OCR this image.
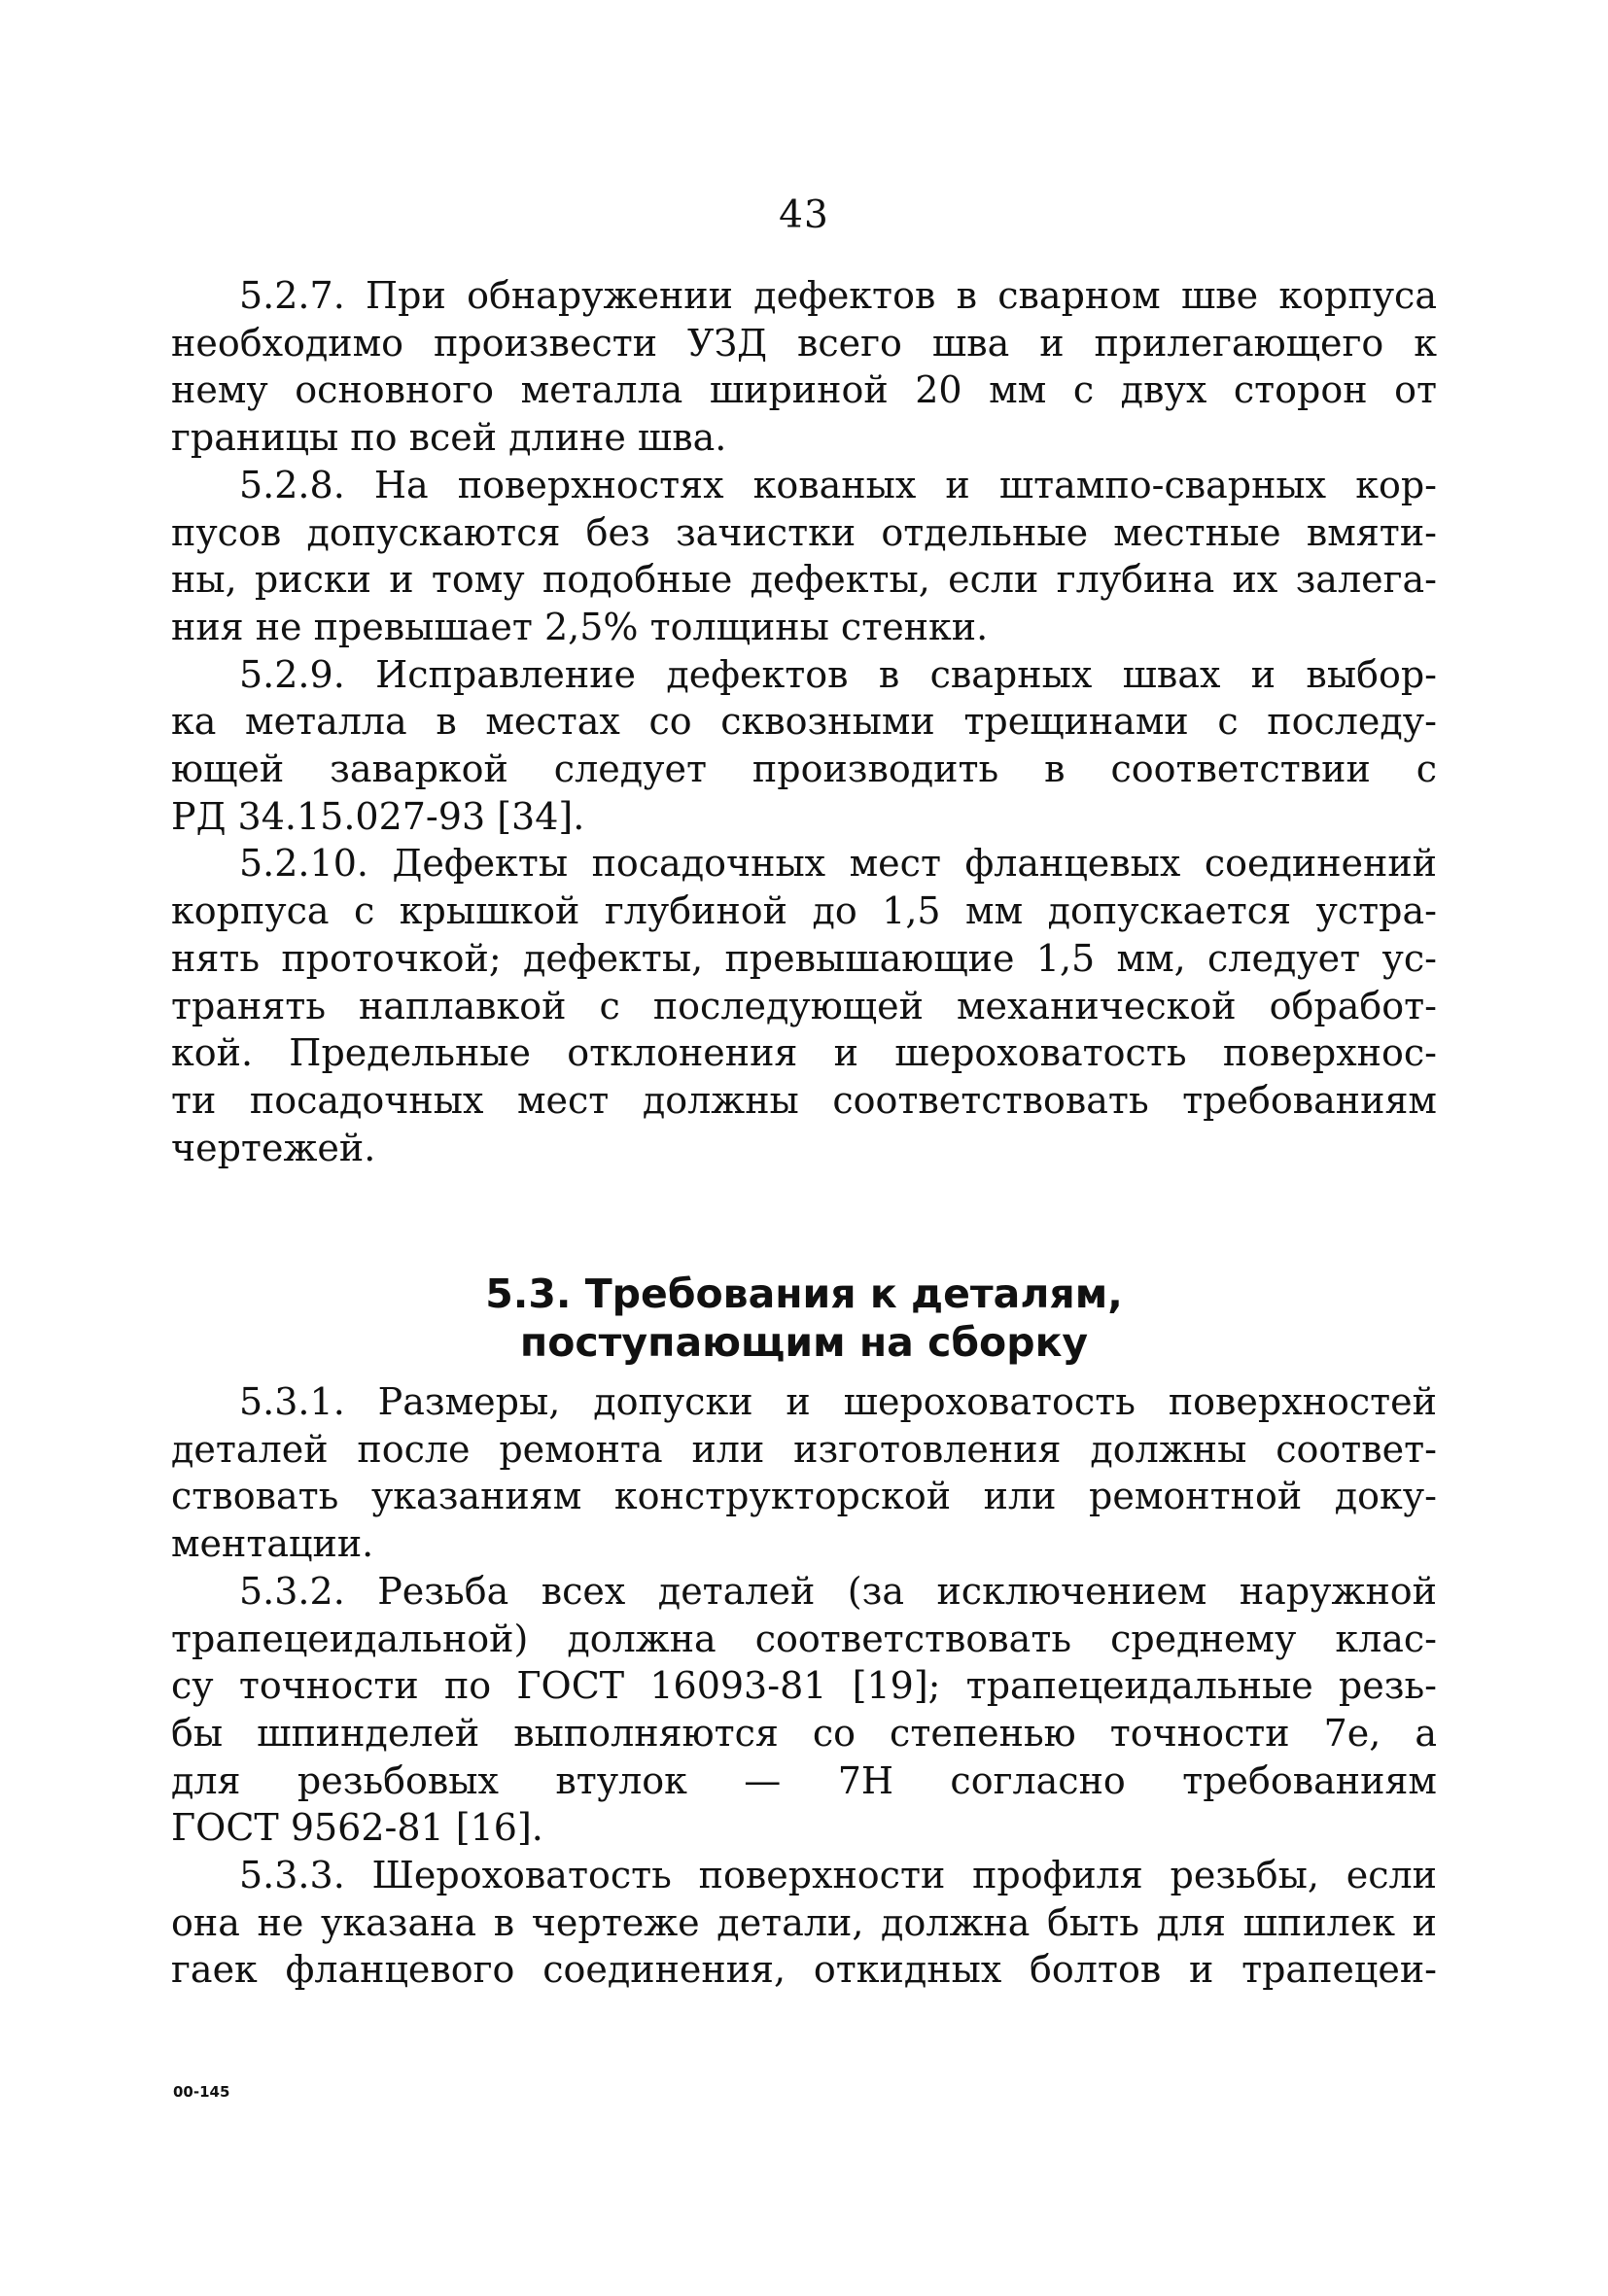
43
5.2.7. При обнаружении дефектов в сварном шве корпуса
необходимо произвести УЗД всего шва и прилегающего к
нему основного металла шириной 20 мм с двух сторон от
границы по всей длине шва.
5.2.8. На поверхностях кованых и штампо-сварных кор-
пусов допускаются без зачистки отдельные местные вмяти-
ны, риски и тому подобные дефекты, если глубина их залега-
ния не превышает 2,5% толщины стенки.
5.2.9. Исправление дефектов в сварных швах и выбор-
ка металла в местах со сквозными трещинами с последу-
ющей заваркой следует производить в соответствии с
РД 34.15.027-93 [34].
5.2.10. Дефекты посадочных мест фланцевых соединений
корпуса с крышкой глубиной до 1,5 мм допускается устра-
нять проточкой; дефекты, превышающие 1,5 мм, следует ус-
транять наплавкой с последующей механической обработ-
кой. Предельные отклонения и шероховатость поверхнос-
ти посадочных мест должны соответствовать требованиям
чертежей.
5.3. Требования к деталям,
поступающим на сборку
5.3.1. Размеры, допуски и шероховатость поверхностей
деталей после ремонта или изготовления должны соответ-
ствовать указаниям конструкторской или ремонтной доку-
ментации.
5.3.2. Резьба всех деталей (за исключением наружной
трапецеидальной) должна соответствовать среднему клас-
су точности по ГОСТ 16093-81 [19]; трапецеидальные резь-
бы шпинделей выполняются со степенью точности 7е, а
для резьбовых втулок — 7Н согласно требованиям
ГОСТ 9562-81 [16].
5.3.3. Шероховатость поверхности профиля резьбы, если
она не указана в чертеже детали, должна быть для шпилек и
гаек фланцевого соединения, откидных болтов и трапецеи-
00-145
